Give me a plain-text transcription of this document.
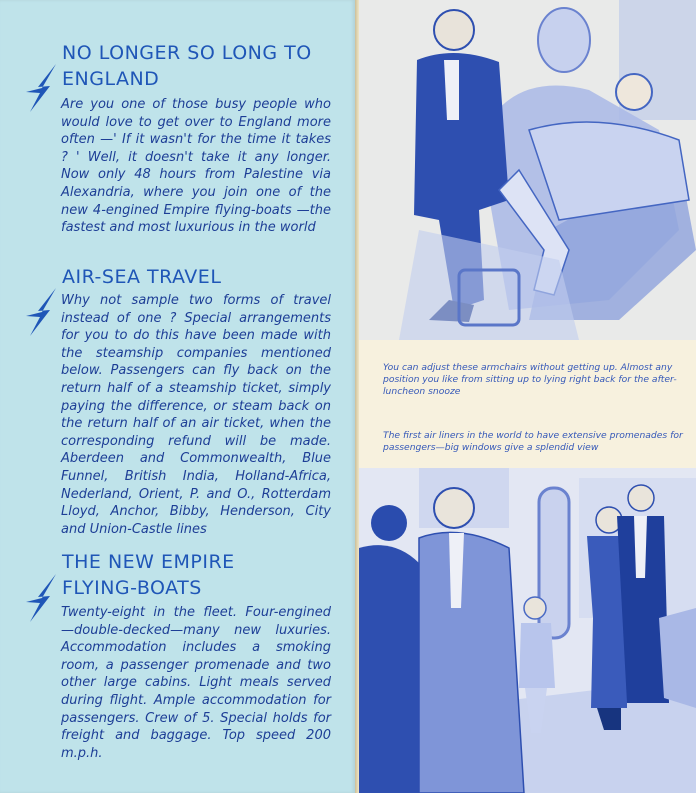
NO LONGER SO LONG TO
ENGLAND

Are you one of those busy people who would love to get over to England more often —' If it wasn't for the time it takes ? ' Well, it doesn't take it any longer. Now only 48 hours from Palestine via Alexandria, where you join one of the new 4-engined Empire flying-boats —the fastest and most luxurious in the world

AIR-SEA TRAVEL

Why not sample two forms of travel instead of one ? Special arrangements for you to do this have been made with the steamship companies mentioned below. Passengers can fly back on the return half of a steamship ticket, simply paying the difference, or steam back on the return half of an air ticket, when the corresponding refund will be made. Aberdeen and Commonwealth, Blue Funnel, British India, Holland-Africa, Nederland, Orient, P. and O., Rotterdam Lloyd, Anchor, Bibby, Henderson, City and Union-Castle lines

THE NEW EMPIRE
FLYING-BOATS

Twenty-eight in the fleet. Four-engined —double-decked—many new luxuries. Accommodation includes a smoking room, a passenger promenade and two other large cabins. Light meals served during flight. Ample accommodation for passengers. Crew of 5. Special holds for freight and baggage. Top speed 200 m.p.h.

You can adjust these armchairs without getting up. Almost any position you like from sitting up to lying right back for the after-luncheon snooze

The first air liners in the world to have extensive promenades for passengers—big windows give a splendid view
